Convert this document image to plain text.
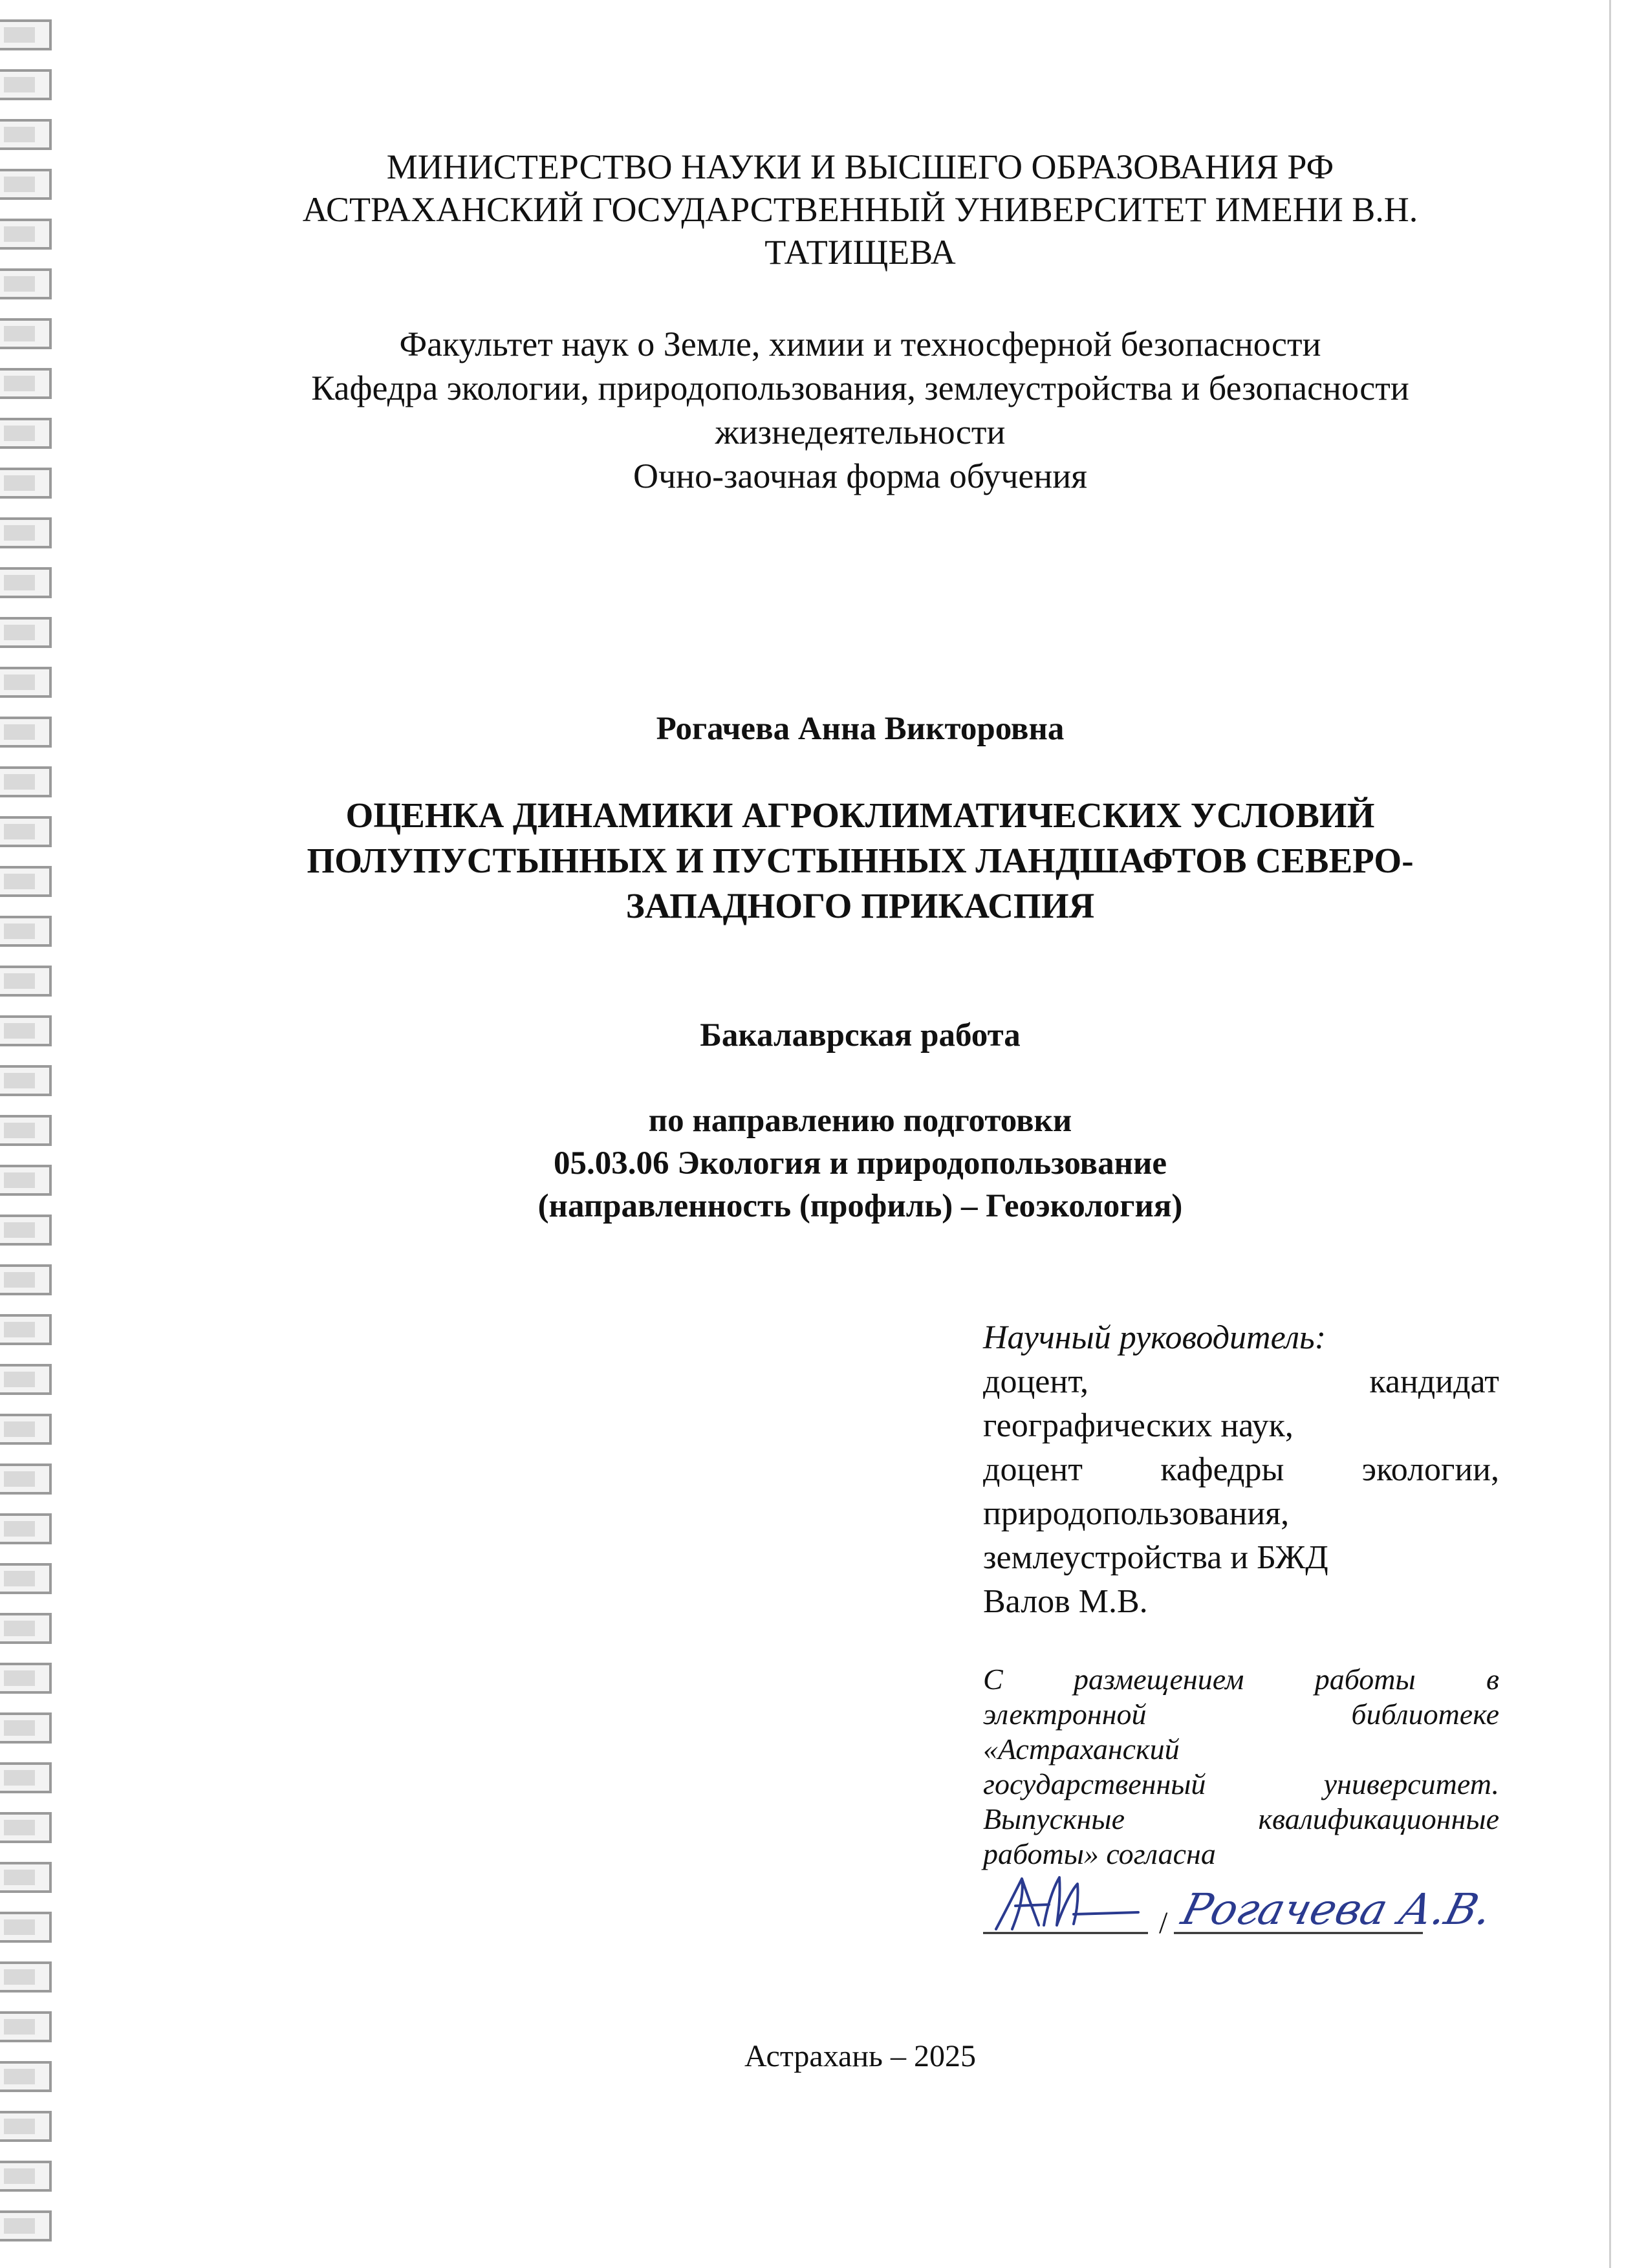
МИНИСТЕРСТВО НАУКИ И ВЫСШЕГО ОБРАЗОВАНИЯ РФ
АСТРАХАНСКИЙ ГОСУДАРСТВЕННЫЙ УНИВЕРСИТЕТ ИМЕНИ В.Н.
ТАТИЩЕВА
Факультет наук о Земле, химии и техносферной безопасности
Кафедра экологии, природопользования, землеустройства и безопасности
жизнедеятельности
Очно-заочная форма обучения
Рогачева Анна Викторовна
ОЦЕНКА ДИНАМИКИ АГРОКЛИМАТИЧЕСКИХ УСЛОВИЙ
ПОЛУПУСТЫННЫХ И ПУСТЫННЫХ ЛАНДШАФТОВ СЕВЕРО-
ЗАПАДНОГО ПРИКАСПИЯ
Бакалаврская работа
по направлению подготовки
05.03.06 Экология и природопользование
(направленность (профиль) – Геоэкология)
Научный руководитель:
доцент, кандидат
географических наук,
доцент кафедры экологии,
природопользования,
землеустройства и БЖД
Валов М.В.
С размещением работы в
электронной библиотеке
«Астраханский
государственный университет.
Выпускные квалификационные
работы» согласна
/ Рогачева А.В.
Астрахань – 2025
